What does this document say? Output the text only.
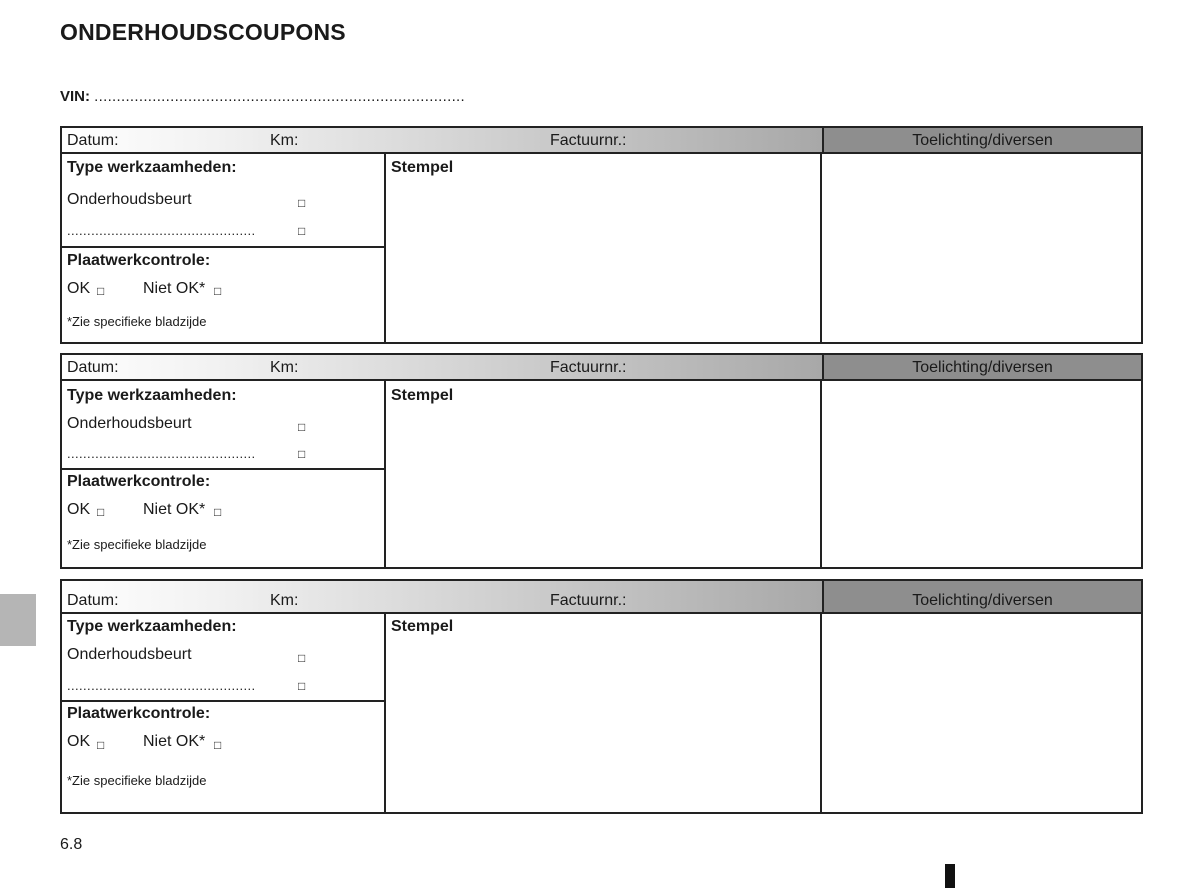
ONDERHOUDSCOUPONS
VIN: ...................................................................................
Datum:	Km:	Factuurnr.:	Toelichting/diversen
Type werkzaamheden:
Onderhoudsbeurt	□
...............................................	□
Plaatwerkcontrole:
OK □ Niet OK* □
*Zie specifieke bladzijde
Stempel
Datum:	Km:	Factuurnr.:	Toelichting/diversen
Type werkzaamheden:
Onderhoudsbeurt	□
...............................................	□
Plaatwerkcontrole:
OK □ Niet OK* □
*Zie specifieke bladzijde
Stempel
Datum:	Km:	Factuurnr.:	Toelichting/diversen
Type werkzaamheden:
Onderhoudsbeurt	□
...............................................	□
Plaatwerkcontrole:
OK □ Niet OK* □
*Zie specifieke bladzijde
Stempel
6.8
